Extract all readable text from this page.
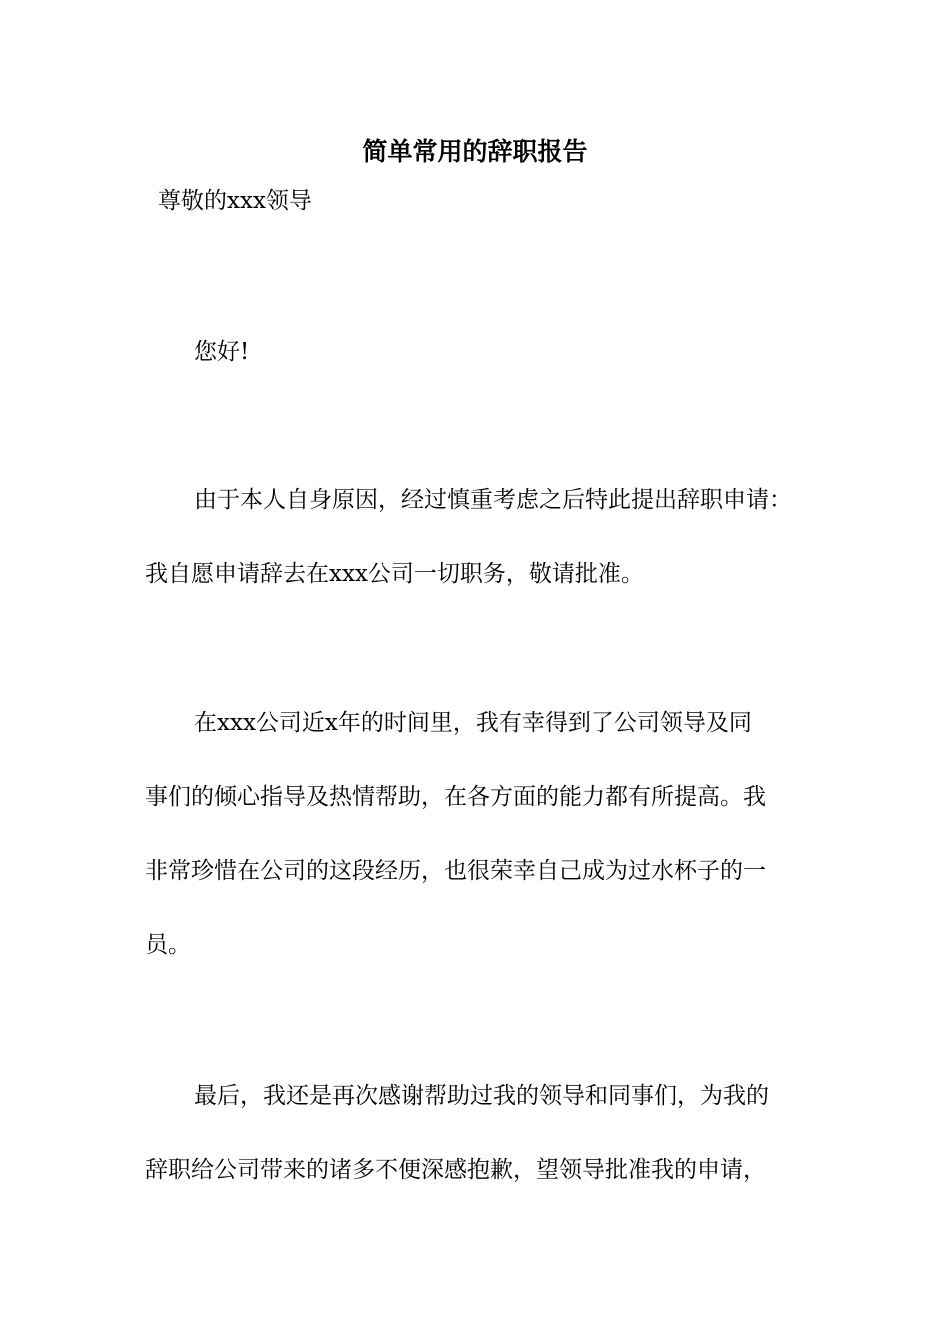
简单常用的辞职报告
尊敬的xxx领导
您好!
由于本人自身原因，经过慎重考虑之后特此提出辞职申请：
我自愿申请辞去在xxx公司一切职务，敬请批准。
在xxx公司近x年的时间里，我有幸得到了公司领导及同
事们的倾心指导及热情帮助，在各方面的能力都有所提高。我
非常珍惜在公司的这段经历，也很荣幸自己成为过水杯子的一
员。
最后，我还是再次感谢帮助过我的领导和同事们，为我的
辞职给公司带来的诸多不便深感抱歉，望领导批准我的申请，
